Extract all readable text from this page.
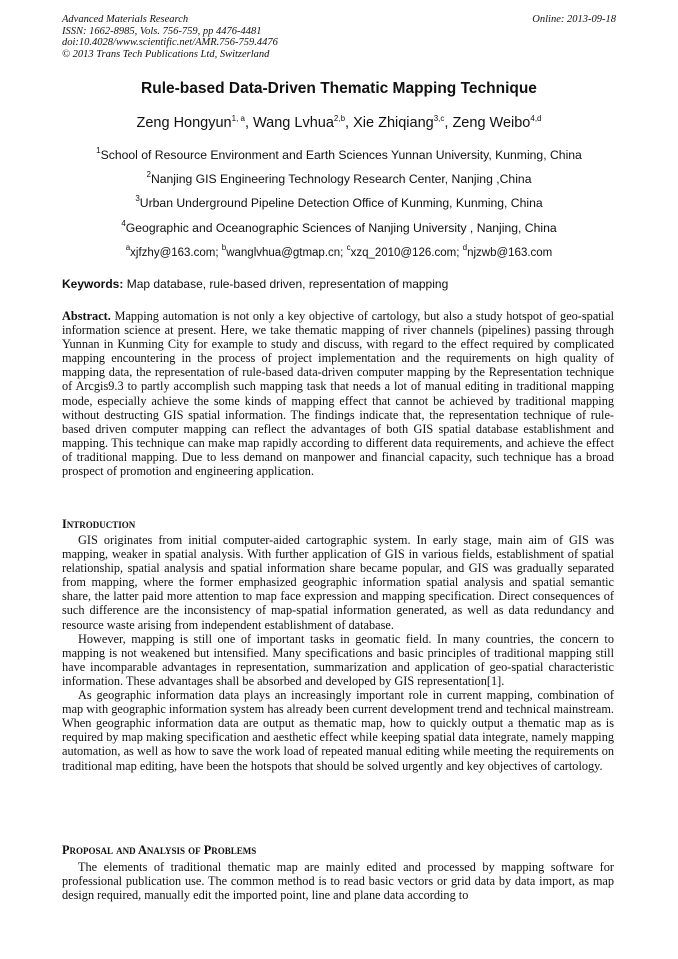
Advanced Materials Research
ISSN: 1662-8985, Vols. 756-759, pp 4476-4481
doi:10.4028/www.scientific.net/AMR.756-759.4476
© 2013 Trans Tech Publications Ltd, Switzerland
Online: 2013-09-18
Rule-based Data-Driven Thematic Mapping Technique
Zeng Hongyun$^{1, a}$, Wang Lvhua$^{2,b}$, Xie Zhiqiang$^{3,c}$, Zeng Weibo$^{4,d}$
$^1$School of Resource Environment and Earth Sciences Yunnan University, Kunming, China
$^2$Nanjing GIS Engineering Technology Research Center, Nanjing ,China
$^3$Urban Underground Pipeline Detection Office of Kunming, Kunming, China
$^4$Geographic and Oceanographic Sciences of Nanjing University , Nanjing, China
$^a$xjfzhy@163.com; $^b$wanglvhua@gtmap.cn; $^c$xzq_2010@126.com; $^d$njzwb@163.com
Keywords: Map database, rule-based driven, representation of mapping

Abstract. Mapping automation is not only a key objective of cartology, but also a study hotspot of geo-spatial information science at present. Here, we take thematic mapping of river channels (pipelines) passing through Yunnan in Kunming City for example to study and discuss, with regard to the effect required by complicated mapping encountering in the process of project implementation and the requirements on high quality of mapping data, the representation of rule-based data-driven computer mapping by the Representation technique of Arcgis9.3 to partly accomplish such mapping task that needs a lot of manual editing in traditional mapping mode, especially achieve the some kinds of mapping effect that cannot be achieved by traditional mapping without destructing GIS spatial information. The findings indicate that, the representation technique of rule-based driven computer mapping can reflect the advantages of both GIS spatial database establishment and mapping. This technique can make map rapidly according to different data requirements, and achieve the effect of traditional mapping. Due to less demand on manpower and financial capacity, such technique has a broad prospect of promotion and engineering application.

Introduction

GIS originates from initial computer-aided cartographic system. In early stage, main aim of GIS was mapping, weaker in spatial analysis. With further application of GIS in various fields, establishment of spatial relationship, spatial analysis and spatial information share became popular, and GIS was gradually separated from mapping, where the former emphasized geographic information spatial analysis and spatial semantic share, the latter paid more attention to map face expression and mapping specification. Direct consequences of such difference are the inconsistency of map-spatial information generated, as well as data redundancy and resource waste arising from independent establishment of database.

However, mapping is still one of important tasks in geomatic field. In many countries, the concern to mapping is not weakened but intensified. Many specifications and basic principles of traditional mapping still have incomparable advantages in representation, summarization and application of geo-spatial characteristic information. These advantages shall be absorbed and developed by GIS representation[1].

As geographic information data plays an increasingly important role in current mapping, combination of map with geographic information system has already been current development trend and technical mainstream. When geographic information data are output as thematic map, how to quickly output a thematic map as is required by map making specification and aesthetic effect while keeping spatial data integrate, namely mapping automation, as well as how to save the work load of repeated manual editing while meeting the requirements on traditional map editing, have been the hotspots that should be solved urgently and key objectives of cartology.

Proposal and Analysis of Problems

The elements of traditional thematic map are mainly edited and processed by mapping software for professional publication use. The common method is to read basic vectors or grid data by data import, as map design required, manually edit the imported point, line and plane data according to
